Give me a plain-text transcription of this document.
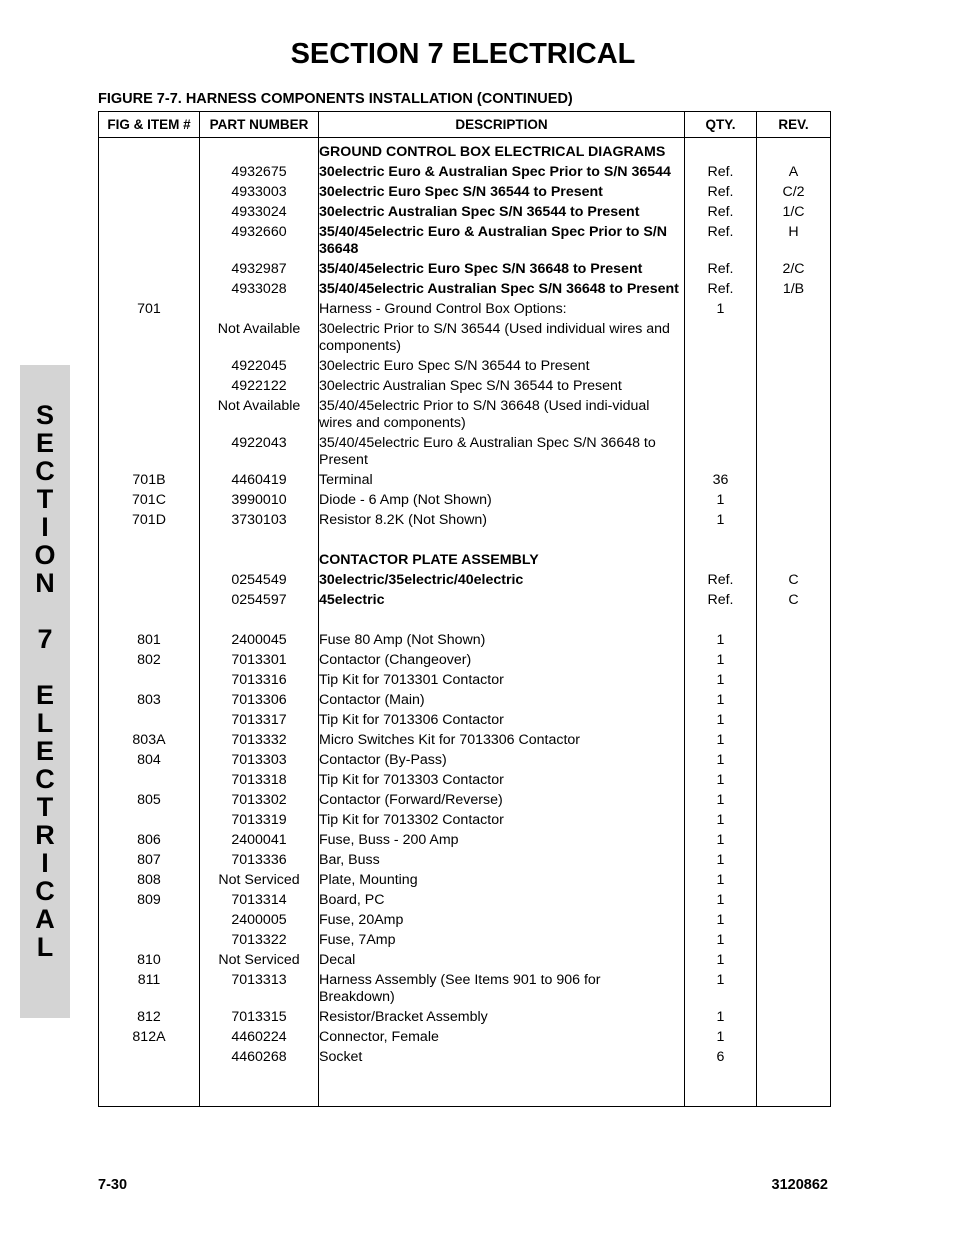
SECTION 7 ELECTRICAL
FIGURE 7-7. HARNESS COMPONENTS INSTALLATION (CONTINUED)
S
E
C
T
I
O
N
7
E
L
E
C
T
R
I
C
A
L
FIG & ITEM #	PART NUMBER	DESCRIPTION	QTY.	REV.
		GROUND CONTROL BOX ELECTRICAL DIAGRAMS		
	4932675	30electric Euro & Australian Spec Prior to S/N 36544	Ref.	A
	4933003	30electric Euro Spec S/N 36544 to Present	Ref.	C/2
	4933024	30electric Australian Spec S/N 36544 to Present	Ref.	1/C
	4932660	35/40/45electric Euro & Australian Spec Prior to S/N 36648	Ref.	H
	4932987	35/40/45electric Euro Spec S/N 36648 to Present	Ref.	2/C
	4933028	35/40/45electric Australian Spec S/N 36648 to Present	Ref.	1/B
701		Harness - Ground Control Box Options:	1	
	Not Available	30electric Prior to S/N 36544 (Used individual wires and components)		
	4922045	30electric Euro Spec S/N 36544 to Present		
	4922122	30electric Australian Spec S/N 36544 to Present		
	Not Available	35/40/45electric Prior to S/N 36648 (Used indi-vidual wires and components)		
	4922043	35/40/45electric Euro & Australian Spec S/N 36648 to Present		
701B	4460419	Terminal	36	
701C	3990010	Diode - 6 Amp (Not Shown)	1	
701D	3730103	Resistor 8.2K (Not Shown)	1	

		CONTACTOR PLATE ASSEMBLY		
	0254549	30electric/35electric/40electric	Ref.	C
	0254597	45electric	Ref.	C

801	2400045	Fuse 80 Amp (Not Shown)	1	
802	7013301	Contactor (Changeover)	1	
	7013316	Tip Kit for 7013301 Contactor	1	
803	7013306	Contactor (Main)	1	
	7013317	Tip Kit for 7013306 Contactor	1	
803A	7013332	Micro Switches Kit for 7013306 Contactor	1	
804	7013303	Contactor (By-Pass)	1	
	7013318	Tip Kit for 7013303 Contactor	1	
805	7013302	Contactor (Forward/Reverse)	1	
	7013319	Tip Kit for 7013302 Contactor	1	
806	2400041	Fuse, Buss - 200 Amp	1	
807	7013336	Bar, Buss	1	
808	Not Serviced	Plate, Mounting	1	
809	7013314	Board, PC	1	
	2400005	Fuse, 20Amp	1	
	7013322	Fuse, 7Amp	1	
810	Not Serviced	Decal	1	
811	7013313	Harness Assembly (See Items 901 to 906 for Breakdown)	1	
812	7013315	Resistor/Bracket Assembly	1	
812A	4460224	Connector, Female	1	
	4460268	Socket	6	

7-30	3120862
